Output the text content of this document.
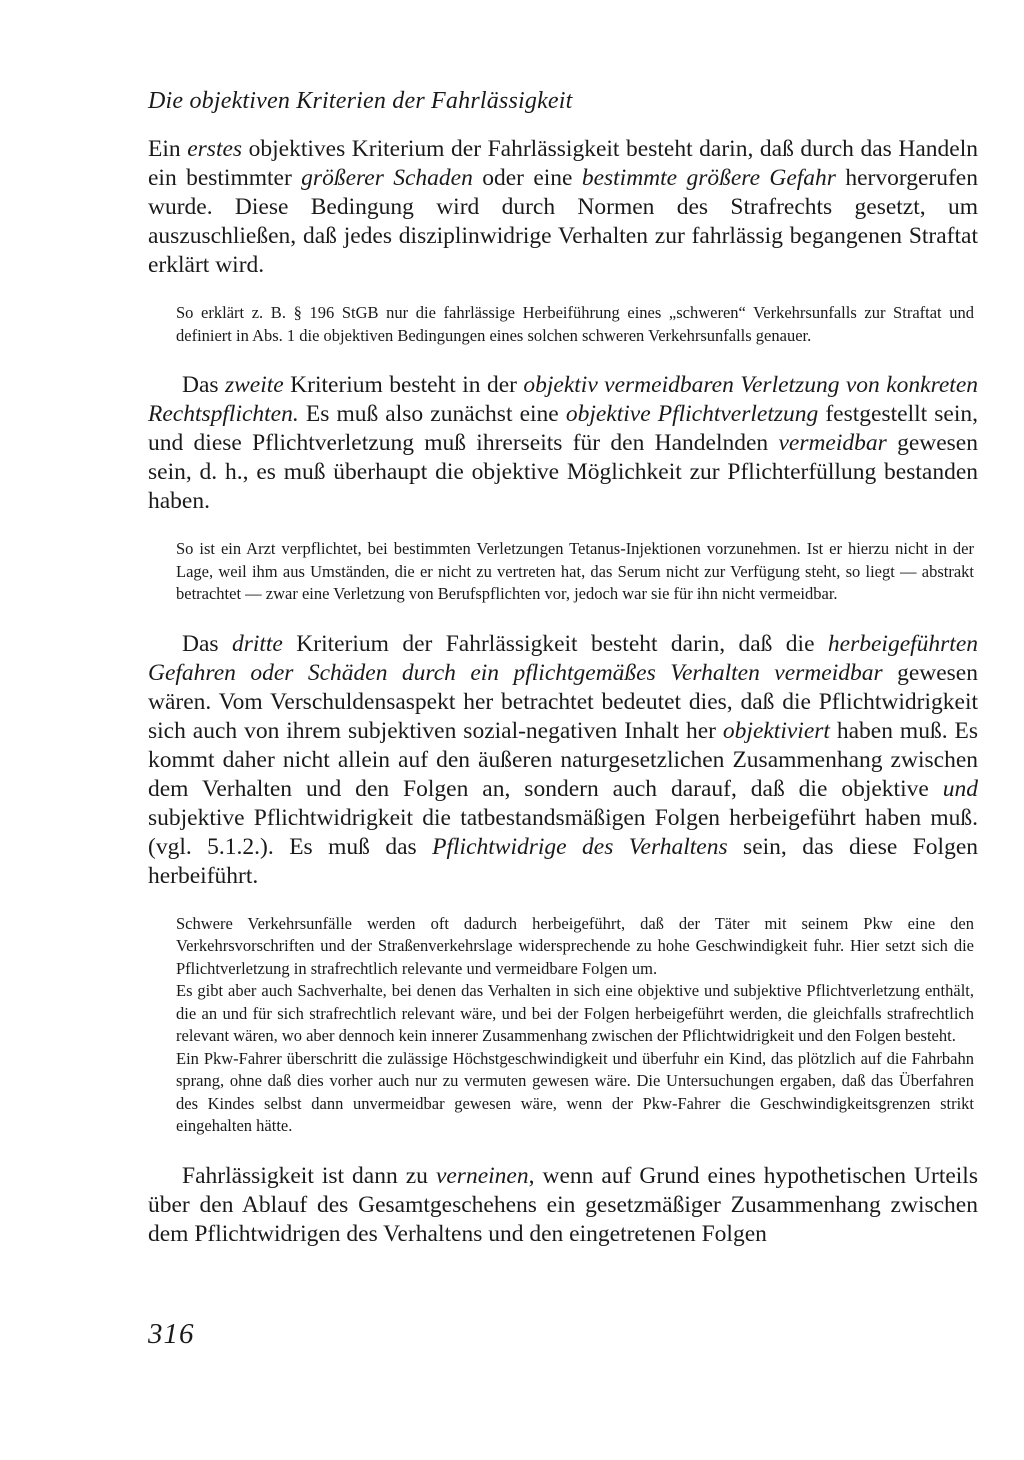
Die objektiven Kriterien der Fahrlässigkeit

Ein erstes objektives Kriterium der Fahrlässigkeit besteht darin, daß durch das Handeln ein bestimmter größerer Schaden oder eine bestimmte größere Gefahr hervorgerufen wurde. Diese Bedingung wird durch Normen des Strafrechts gesetzt, um auszuschließen, daß jedes disziplinwidrige Verhalten zur fahrlässig begangenen Straftat erklärt wird.

So erklärt z. B. § 196 StGB nur die fahrlässige Herbeiführung eines „schweren“ Verkehrsunfalls zur Straftat und definiert in Abs. 1 die objektiven Bedingungen eines solchen schweren Verkehrsunfalls genauer.

Das zweite Kriterium besteht in der objektiv vermeidbaren Verletzung von konkreten Rechtspflichten. Es muß also zunächst eine objektive Pflichtverletzung festgestellt sein, und diese Pflichtverletzung muß ihrerseits für den Handelnden vermeidbar gewesen sein, d. h., es muß überhaupt die objektive Möglichkeit zur Pflichterfüllung bestanden haben.

So ist ein Arzt verpflichtet, bei bestimmten Verletzungen Tetanus-Injektionen vorzunehmen. Ist er hierzu nicht in der Lage, weil ihm aus Umständen, die er nicht zu vertreten hat, das Serum nicht zur Verfügung steht, so liegt — abstrakt betrachtet — zwar eine Verletzung von Berufspflichten vor, jedoch war sie für ihn nicht vermeidbar.

Das dritte Kriterium der Fahrlässigkeit besteht darin, daß die herbeigeführten Gefahren oder Schäden durch ein pflichtgemäßes Verhalten vermeidbar gewesen wären. Vom Verschuldensaspekt her betrachtet bedeutet dies, daß die Pflichtwidrigkeit sich auch von ihrem subjektiven sozial-negativen Inhalt her objektiviert haben muß. Es kommt daher nicht allein auf den äußeren naturgesetzlichen Zusammenhang zwischen dem Verhalten und den Folgen an, sondern auch darauf, daß die objektive und subjektive Pflichtwidrigkeit die tatbestandsmäßigen Folgen herbeigeführt haben muß. (vgl. 5.1.2.). Es muß das Pflichtwidrige des Verhaltens sein, das diese Folgen herbeiführt.

Schwere Verkehrsunfälle werden oft dadurch herbeigeführt, daß der Täter mit seinem Pkw eine den Verkehrsvorschriften und der Straßenverkehrslage widersprechende zu hohe Geschwindigkeit fuhr. Hier setzt sich die Pflichtverletzung in strafrechtlich relevante und vermeidbare Folgen um.
Es gibt aber auch Sachverhalte, bei denen das Verhalten in sich eine objektive und subjektive Pflichtverletzung enthält, die an und für sich strafrechtlich relevant wäre, und bei der Folgen herbeigeführt werden, die gleichfalls strafrechtlich relevant wären, wo aber dennoch kein innerer Zusammenhang zwischen der Pflichtwidrigkeit und den Folgen besteht.
Ein Pkw-Fahrer überschritt die zulässige Höchstgeschwindigkeit und überfuhr ein Kind, das plötzlich auf die Fahrbahn sprang, ohne daß dies vorher auch nur zu vermuten gewesen wäre. Die Untersuchungen ergaben, daß das Überfahren des Kindes selbst dann unvermeidbar gewesen wäre, wenn der Pkw-Fahrer die Geschwindigkeitsgrenzen strikt eingehalten hätte.

Fahrlässigkeit ist dann zu verneinen, wenn auf Grund eines hypothetischen Urteils über den Ablauf des Gesamtgeschehens ein gesetzmäßiger Zusammenhang zwischen dem Pflichtwidrigen des Verhaltens und den eingetretenen Folgen

316
